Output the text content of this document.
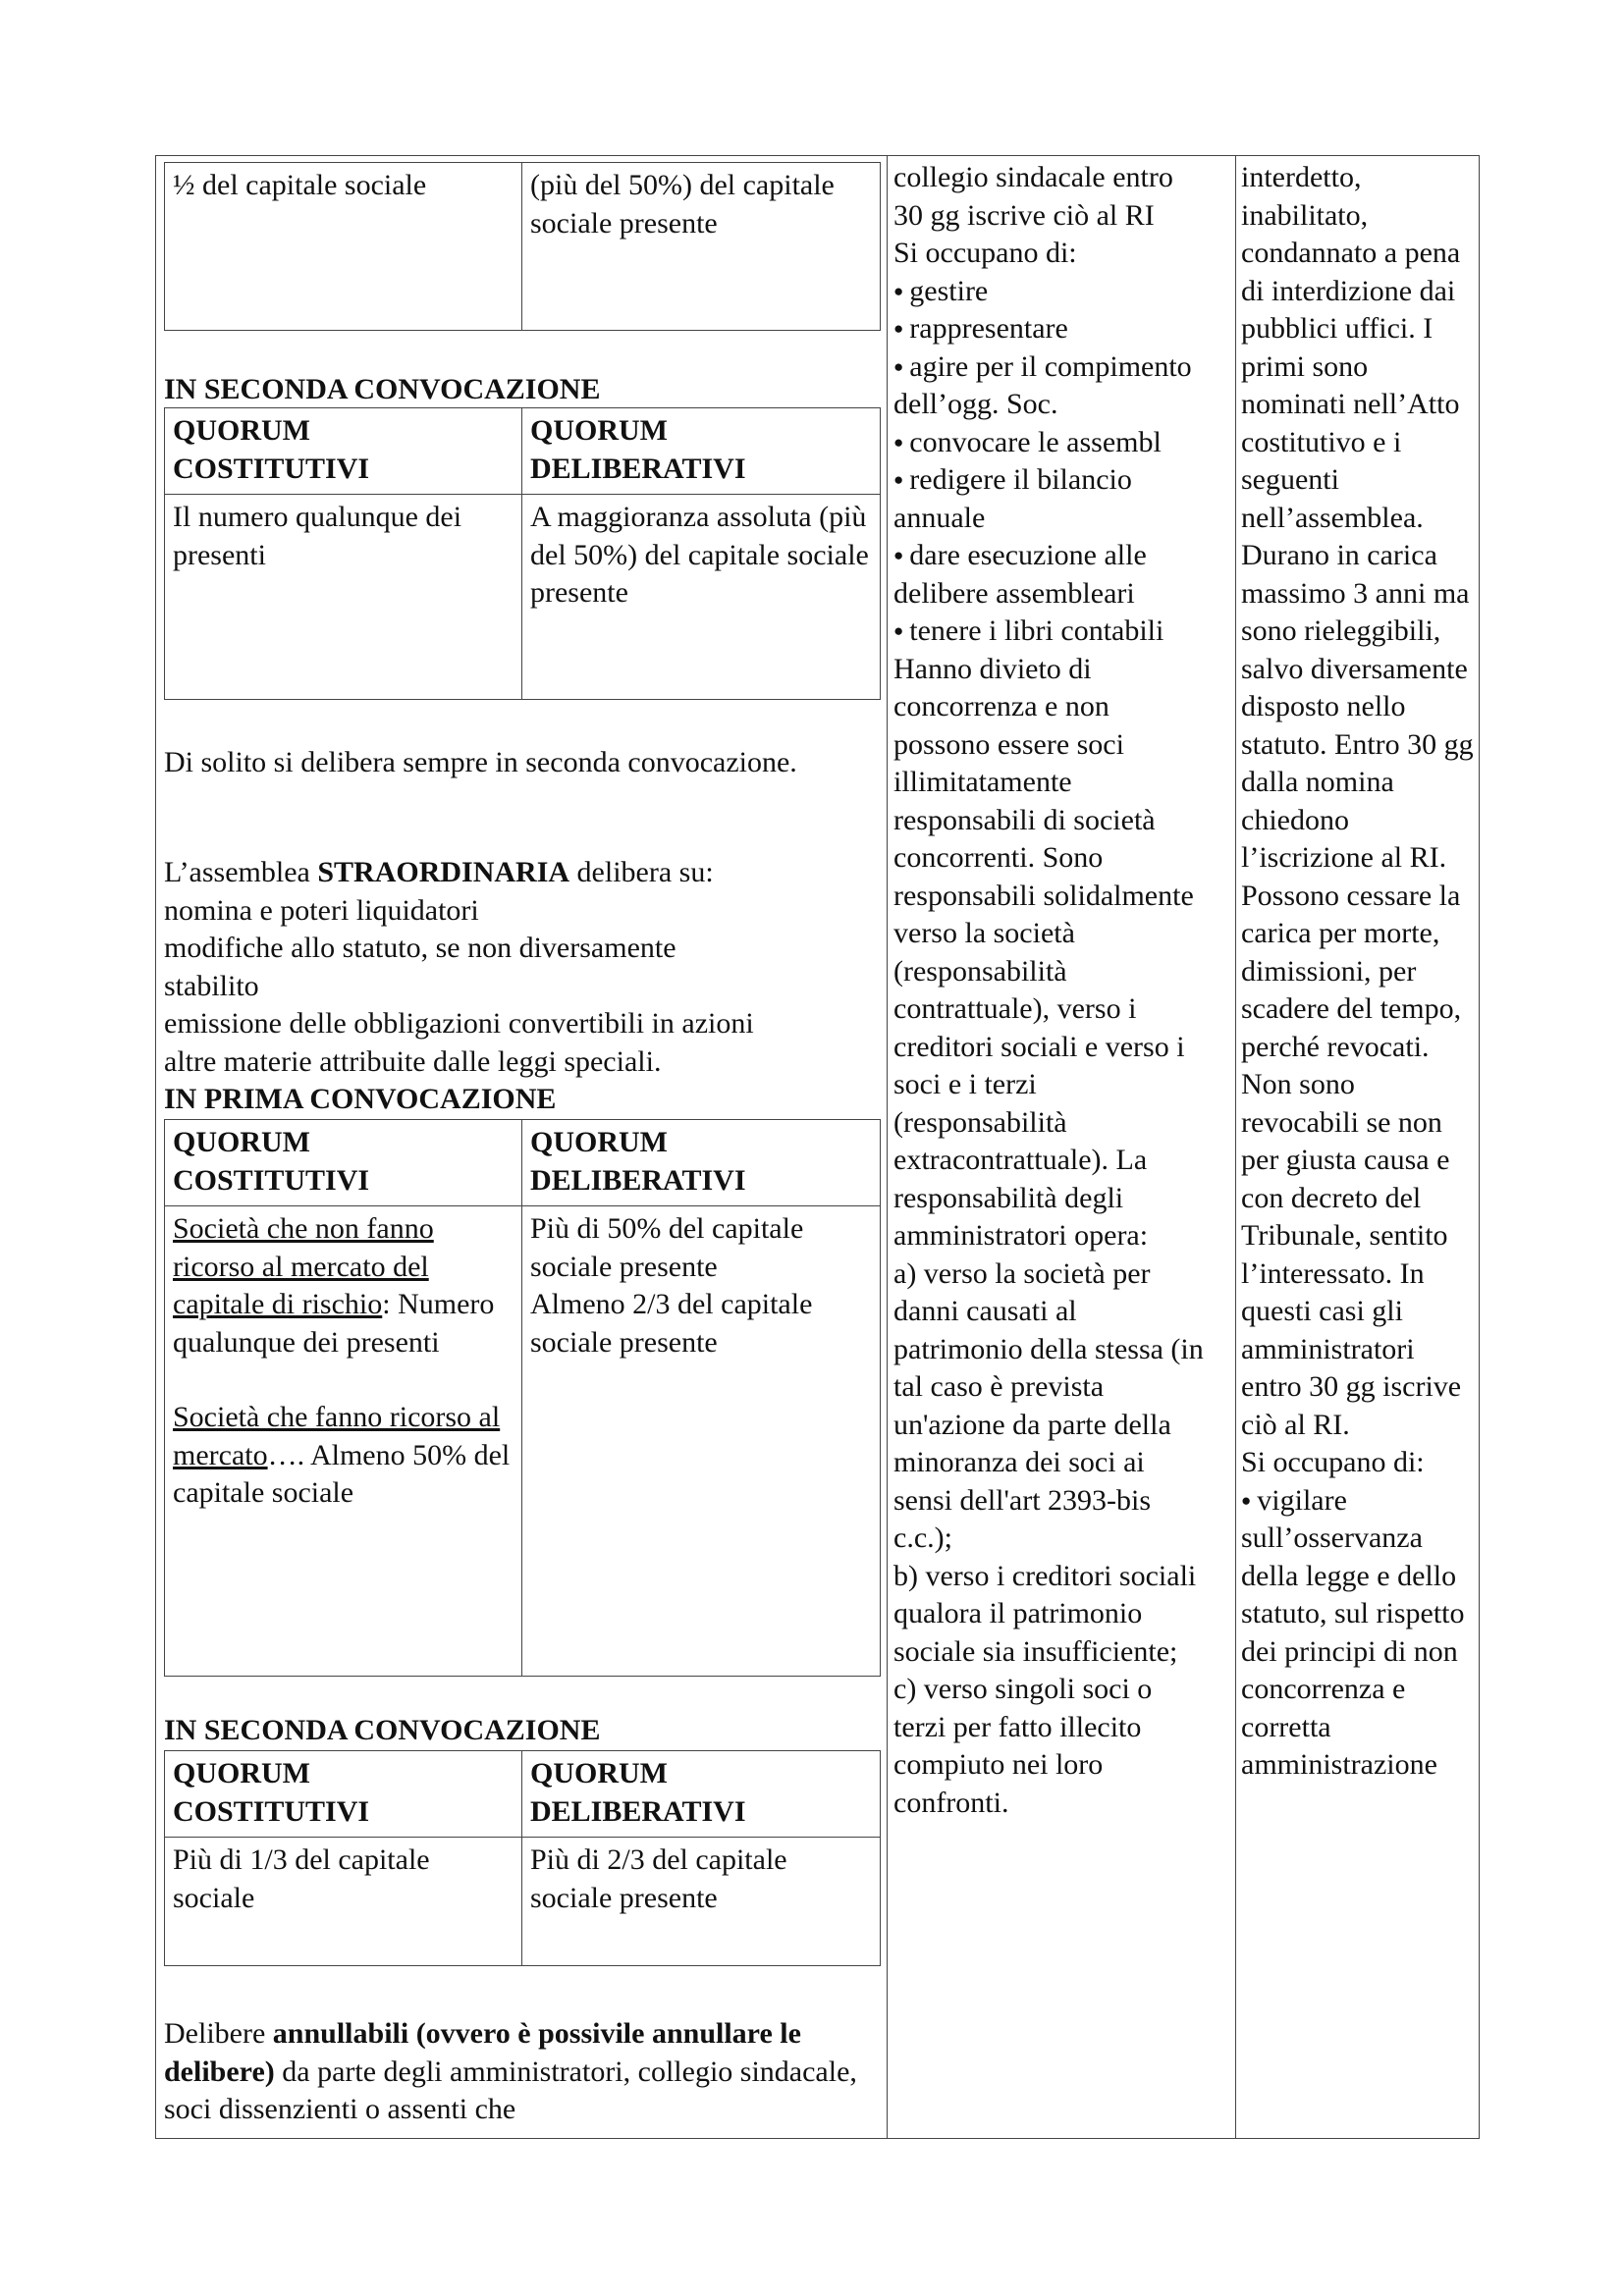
½ del capitale sociale	(più del 50%) del capitale sociale presente
IN SECONDA CONVOCAZIONE
QUORUM COSTITUTIVI
QUORUM DELIBERATIVI
Il numero qualunque dei presenti
A maggioranza assoluta (più del 50%) del capitale sociale presente
Di solito si delibera sempre in seconda convocazione.
L’assemblea STRAORDINARIA delibera su:
nomina e poteri liquidatori
modifiche allo statuto, se non diversamente stabilito
emissione delle obbligazioni convertibili in azioni
altre materie attribuite dalle leggi speciali.
IN PRIMA CONVOCAZIONE
QUORUM COSTITUTIVI
QUORUM DELIBERATIVI
Società che non fanno ricorso al mercato del capitale di rischio: Numero qualunque dei presenti
Società che fanno ricorso al mercato…. Almeno 50% del capitale sociale
Più di 50% del capitale sociale presente
Almeno 2/3 del capitale sociale presente
IN SECONDA CONVOCAZIONE
QUORUM COSTITUTIVI
QUORUM DELIBERATIVI
Più di 1/3 del capitale sociale
Più di 2/3 del capitale sociale presente
Delibere annullabili (ovvero è possivile annullare le delibere) da parte degli amministratori, collegio sindacale, soci dissenzienti o assenti che

collegio sindacale entro 30 gg iscrive ciò al RI

Si occupano di:

● gestire

● rappresentare

● agire per il compimento dell’ogg. Soc.

● convocare le assembl

● redigere il bilancio annuale

● dare esecuzione alle delibere assembleari

● tenere i libri contabili

Hanno divieto di concorrenza e non possono essere soci illimitatamente responsabili di società concorrenti. Sono responsabili solidalmente verso la società (responsabilità contrattuale), verso i creditori sociali e verso i soci e i terzi (responsabilità extracontrattuale). La responsabilità degli amministratori opera:

a) verso la società per danni causati al patrimonio della stessa (in tal caso è prevista un'azione da parte della minoranza dei soci ai sensi dell'art 2393-bis c.c.);

b) verso i creditori sociali qualora il patrimonio sociale sia insufficiente;

c) verso singoli soci o terzi per fatto illecito compiuto nei loro confronti.

interdetto, inabilitato, condannato a pena di interdizione dai pubblici uffici. I primi sono nominati nell’Atto costitutivo e i seguenti nell’assemblea. Durano in carica massimo 3 anni ma sono rieleggibili, salvo diversamente disposto nello statuto. Entro 30 gg dalla nomina chiedono l’iscrizione al RI. Possono cessare la carica per morte, dimissioni, per scadere del tempo, perché revocati. Non sono revocabili se non per giusta causa e con decreto del Tribunale, sentito l’interessato. In questi casi gli amministratori entro 30 gg iscrive ciò al RI.

Si occupano di:

● vigilare sull’osservanza della legge e dello statuto, sul rispetto dei principi di non concorrenza e corretta amministrazione
